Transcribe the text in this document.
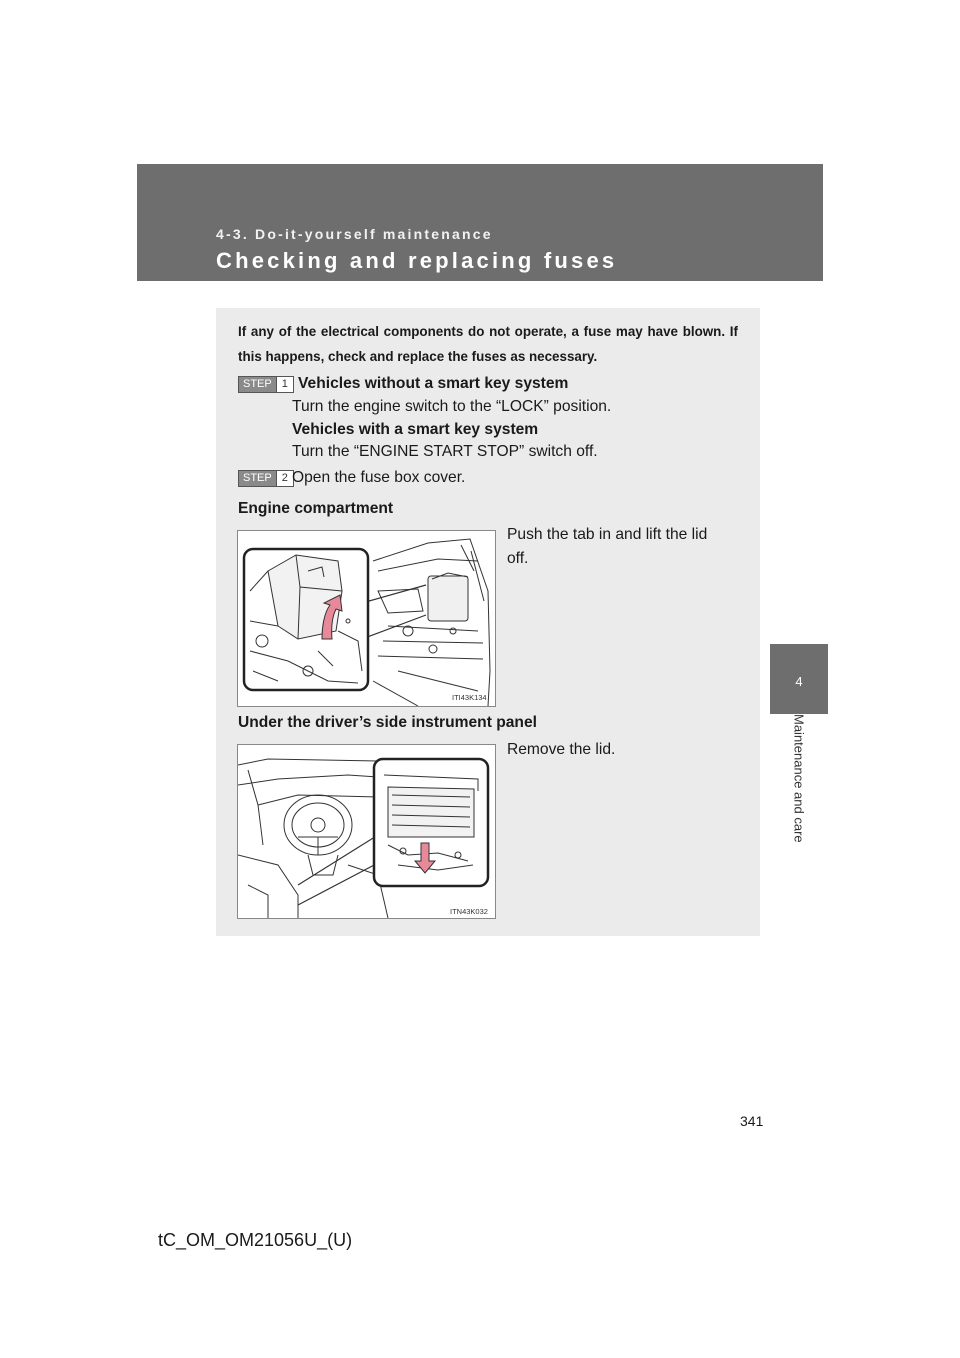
4-3. Do-it-yourself maintenance
Checking and replacing fuses
4
Maintenance and care
If any of the electrical components do not operate, a fuse may have blown. If this happens, check and replace the fuses as necessary.
STEP 1 Vehicles without a smart key system
Turn the engine switch to the “LOCK” position.
Vehicles with a smart key system
Turn the “ENGINE START STOP” switch off.
STEP 2 Open the fuse box cover.
Engine compartment
Push the tab in and lift the lid
off.
ITI43K134
Under the driver’s side instrument panel
Remove the lid.
ITN43K032
341
tC_OM_OM21056U_(U)
